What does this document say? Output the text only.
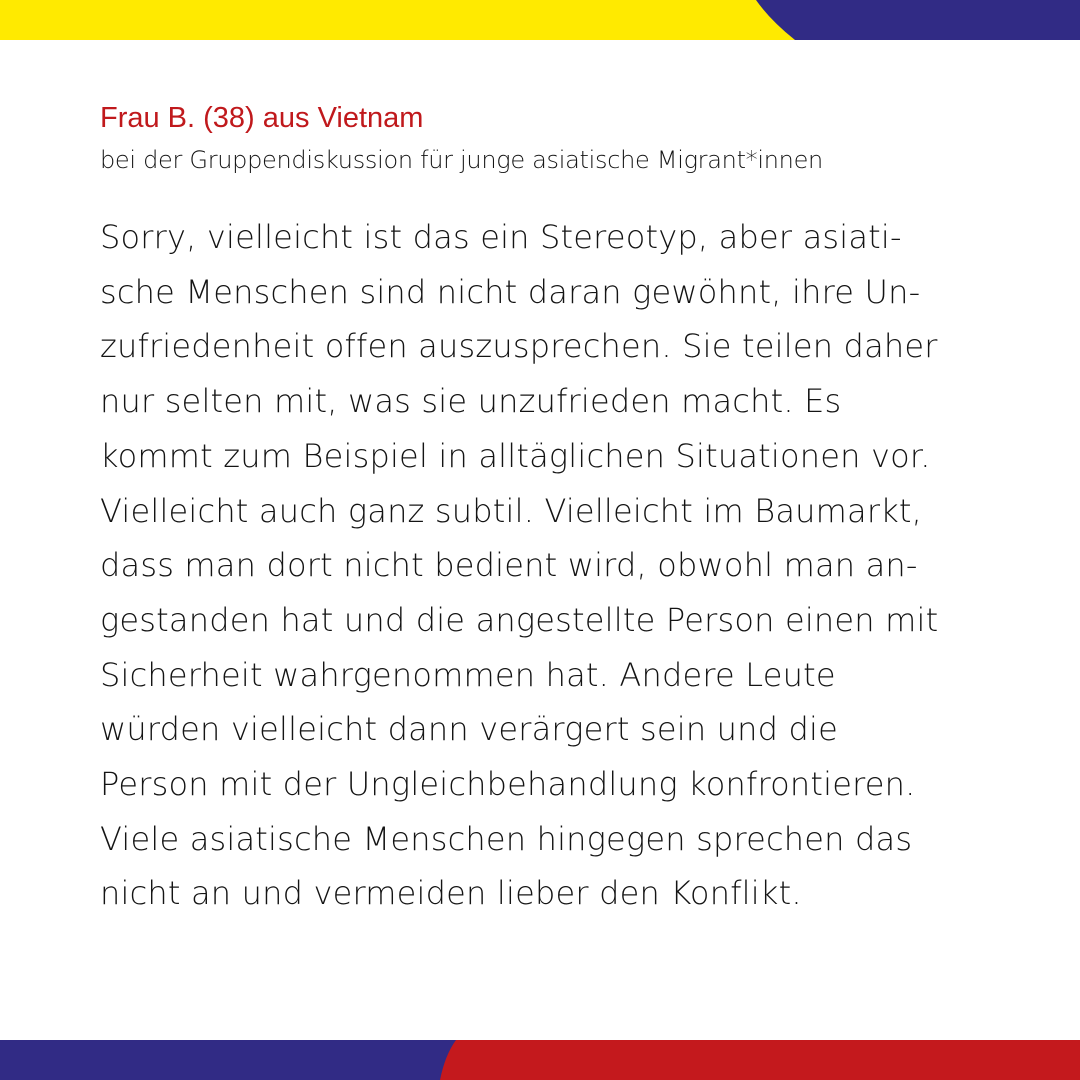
Frau B. (38) aus Vietnam
bei der Gruppendiskussion für junge asiatische Migrant*innen
Sorry, vielleicht ist das ein Stereotyp, aber asiati-
sche Menschen sind nicht daran gewöhnt, ihre Un-
zufriedenheit offen auszusprechen. Sie teilen daher
nur selten mit, was sie unzufrieden macht. Es
kommt zum Beispiel in alltäglichen Situationen vor.
Vielleicht auch ganz subtil. Vielleicht im Baumarkt,
dass man dort nicht bedient wird, obwohl man an-
gestanden hat und die angestellte Person einen mit
Sicherheit wahrgenommen hat. Andere Leute
würden vielleicht dann verärgert sein und die
Person mit der Ungleichbehandlung konfrontieren.
Viele asiatische Menschen hingegen sprechen das
nicht an und vermeiden lieber den Konflikt.
